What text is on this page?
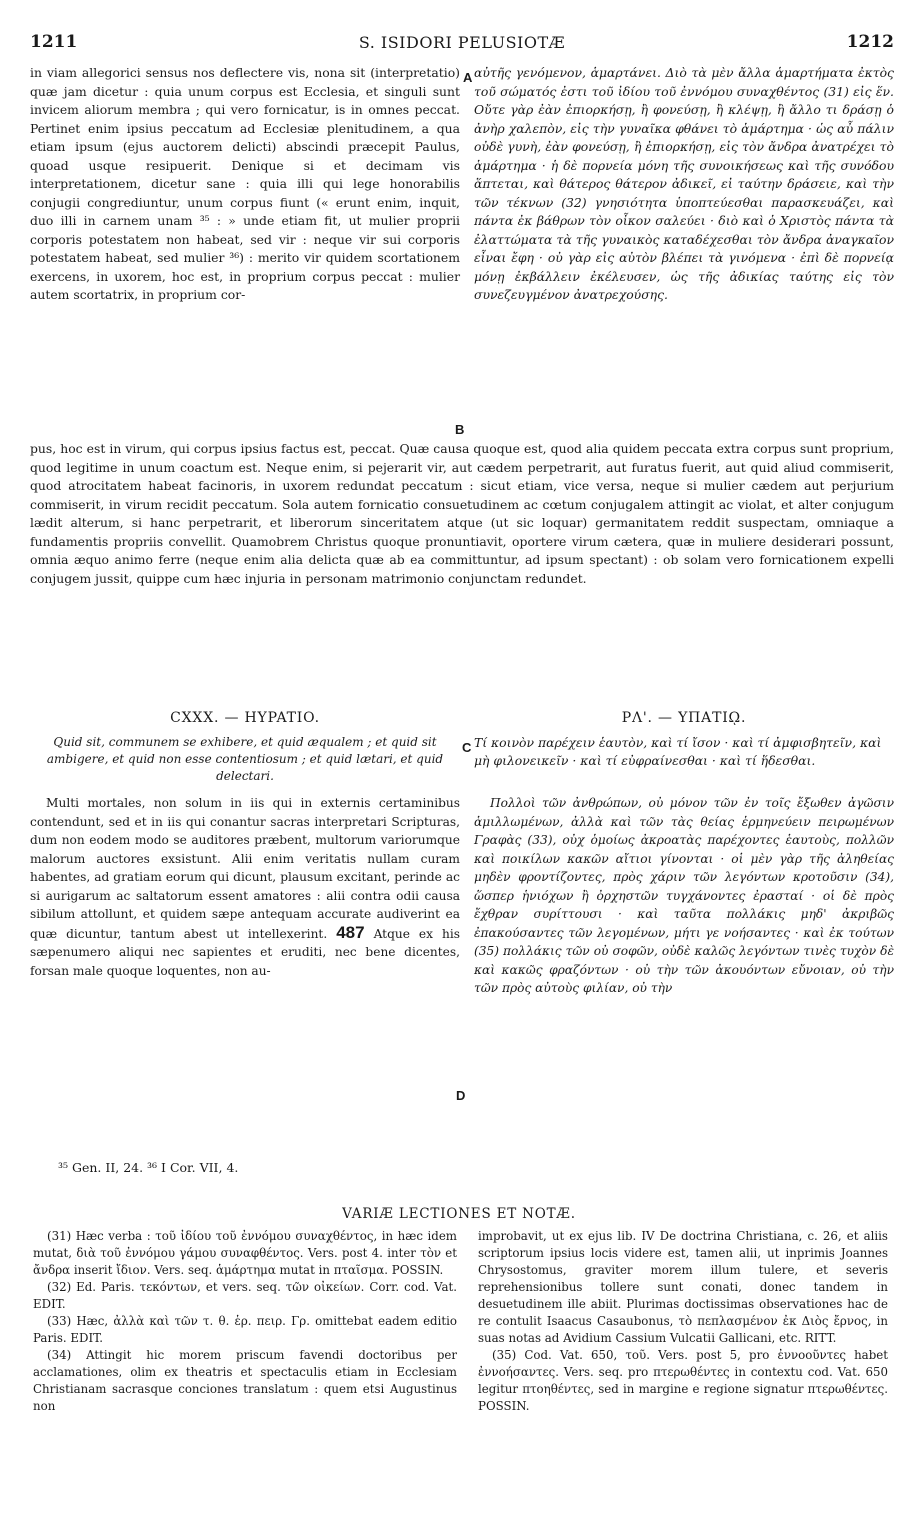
1211	S. ISIDORI PELUSIOTÆ	1212

in viam allegorici sensus nos deflectere vis, nona sit (interpretatio) quæ jam dicetur : quia unum corpus est Ecclesia, et singuli sunt invicem aliorum membra ; qui vero fornicatur, is in omnes peccat. Pertinet enim ipsius peccatum ad Ecclesiæ plenitudinem, a qua etiam ipsum (ejus auctorem delicti) abscindi præcepit Paulus, quoad usque resipuerit. Denique si et decimam vis interpretationem, dicetur sane : quia illi qui lege honorabilis conjugii congrediuntur, unum corpus fiunt (« erunt enim, inquit, duo illi in carnem unam ³⁵ : » unde etiam fit, ut mulier proprii corporis potestatem non habeat, sed vir : neque vir sui corporis potestatem habeat, sed mulier ³⁶) : merito vir quidem scortationem exercens, in uxorem, hoc est, in proprium corpus peccat : mulier autem scortatrix, in proprium cor-

A αὐτῆς γενόμενον, ἁμαρτάνει. Διὸ τὰ μὲν ἄλλα ἁμαρτήματα ἐκτὸς τοῦ σώματός ἐστι τοῦ ἰδίου τοῦ ἐννόμου συναχθέντος (31) εἰς ἕν. Οὔτε γὰρ ἐὰν ἐπιορκήσῃ, ἢ φονεύσῃ, ἢ κλέψῃ, ἢ ἄλλο τι δράσῃ ὁ ἀνὴρ χαλεπὸν, εἰς τὴν γυναῖκα φθάνει τὸ ἁμάρτημα · ὡς αὖ πάλιν οὐδὲ γυνὴ, ἐὰν φονεύσῃ, ἢ ἐπιορκήσῃ, εἰς τὸν ἄνδρα ἀνατρέχει τὸ ἁμάρτημα · ἡ δὲ πορνεία μόνη τῆς συνοικήσεως καὶ τῆς συνόδου ἅπτεται, καὶ θάτερος θάτερον ἀδικεῖ, εἰ ταύτην δράσειε, καὶ τὴν τῶν τέκνων (32) γνησιότητα ὑποπτεύεσθαι παρασκευάζει, καὶ πάντα ἐκ βάθρων τὸν οἶκον σαλεύει · διὸ καὶ ὁ Χριστὸς πάντα τὰ ἐλαττώματα τὰ τῆς γυναικὸς καταδέχεσθαι τὸν ἄνδρα ἀναγκαῖον εἶναι ἔφη · οὐ γὰρ εἰς αὐτὸν βλέπει τὰ γινόμενα · ἐπὶ δὲ πορνείᾳ μόνῃ ἐκβάλλειν ἐκέλευσεν, ὡς τῆς ἀδικίας ταύτης εἰς τὸν συνεζευγμένον ἀνατρεχούσης.

B

pus, hoc est in virum, qui corpus ipsius factus est, peccat. Quæ causa quoque est, quod alia quidem peccata extra corpus sunt proprium, quod legitime in unum coactum est. Neque enim, si pejerarit vir, aut cædem perpetrarit, aut furatus fuerit, aut quid aliud commiserit, quod atrocitatem habeat facinoris, in uxorem redundat peccatum : sicut etiam, vice versa, neque si mulier cædem aut perjurium commiserit, in virum recidit peccatum. Sola autem fornicatio consuetudinem ac cœtum conjugalem attingit ac violat, et alter conjugum lædit alterum, si hanc perpetrarit, et liberorum sinceritatem atque (ut sic loquar) germanitatem reddit suspectam, omniaque a fundamentis propriis convellit. Quamobrem Christus quoque pronuntiavit, oportere virum cætera, quæ in muliere desiderari possunt, omnia æquo animo ferre (neque enim alia delicta quæ ab ea committuntur, ad ipsum spectant) : ob solam vero fornicationem expelli conjugem jussit, quippe cum hæc injuria in personam matrimonio conjunctam redundet.

CXXX. — HYPATIO.	ΡΛ'. — ΥΠΑΤΙῼ.

Quid sit, communem se exhibere, et quid æqualem ; et quid sit ambigere, et quid non esse contentiosum ; et quid lætari, et quid delectari.

C Τί κοινὸν παρέχειν ἑαυτὸν, καὶ τί ἴσον · καὶ τί ἀμφισβητεῖν, καὶ μὴ φιλονεικεῖν · καὶ τί εὐφραίνεσθαι · καὶ τί ἥδεσθαι.

Multi mortales, non solum in iis qui in externis certaminibus contendunt, sed et in iis qui conantur sacras interpretari Scripturas, dum non eodem modo se auditores præbent, multorum variorumque malorum auctores exsistunt. Alii enim veritatis nullam curam habentes, ad gratiam eorum qui dicunt, plausum excitant, perinde ac si aurigarum ac saltatorum essent amatores : alii contra odii causa sibilum attollunt, et quidem sæpe antequam accurate audiverint ea quæ dicuntur, tantum abest ut intellexerint. 487 Atque ex his sæpenumero aliqui nec sapientes et eruditi, nec bene dicentes, forsan male quoque loquentes, non au-

D

Πολλοὶ τῶν ἀνθρώπων, οὐ μόνον τῶν ἐν τοῖς ἔξωθεν ἀγῶσιν ἁμιλλωμένων, ἀλλὰ καὶ τῶν τὰς θείας ἑρμηνεύειν πειρωμένων Γραφὰς (33), οὐχ ὁμοίως ἀκροατὰς παρέχοντες ἑαυτοὺς, πολλῶν καὶ ποικίλων κακῶν αἴτιοι γίνονται · οἱ μὲν γὰρ τῆς ἀληθείας μηδὲν φροντίζοντες, πρὸς χάριν τῶν λεγόντων κροτοῦσιν (34), ὥσπερ ἡνιόχων ἢ ὀρχηστῶν τυγχάνοντες ἐρασταί · οἱ δὲ πρὸς ἔχθραν συρίττουσι · καὶ ταῦτα πολλάκις μηδ' ἀκριβῶς ἐπακούσαντες τῶν λεγομένων, μήτι γε νοήσαντες · καὶ ἐκ τούτων (35) πολλάκις τῶν οὐ σοφῶν, οὐδὲ καλῶς λεγόντων τινὲς τυχὸν δὲ καὶ κακῶς φραζόντων · οὐ τὴν τῶν ἀκουόντων εὔνοιαν, οὐ τὴν τῶν πρὸς αὐτοὺς φιλίαν, οὐ τὴν

³⁵ Gen. II, 24. ³⁶ I Cor. VII, 4.
VARIÆ LECTIONES ET NOTÆ.

(31) Hæc verba : τοῦ ἰδίου τοῦ ἐννόμου συναχθέντος, in hæc idem mutat, διὰ τοῦ ἐννόμου γάμου συναφθέντος. Vers. post 4. inter τὸν et ἄνδρα inserit ἴδιον. Vers. seq. ἁμάρτημα mutat in πταῖσμα. POSSIN.

(32) Ed. Paris. τεκόντων, et vers. seq. τῶν οἰκείων. Corr. cod. Vat. EDIT.

(33) Hæc, ἀλλὰ καὶ τῶν τ. θ. ἑρ. πειρ. Γρ. omittebat eadem editio Paris. EDIT.

(34) Attingit hic morem priscum favendi doctoribus per acclamationes, olim ex theatris et spectaculis etiam in Ecclesiam Christianam sacrasque conciones translatum : quem etsi Augustinus non

improbavit, ut ex ejus lib. IV De doctrina Christiana, c. 26, et aliis scriptorum ipsius locis videre est, tamen alii, ut inprimis Joannes Chrysostomus, graviter morem illum tulere, et severis reprehensionibus tollere sunt conati, donec tandem in desuetudinem ille abiit. Plurimas doctissimas observationes hac de re contulit Isaacus Casaubonus, τὸ πεπλασμένον ἐκ Διὸς ἔρνος, in suas notas ad Avidium Cassium Vulcatii Gallicani, etc. RITT.

(35) Cod. Vat. 650, τοῦ. Vers. post 5, pro ἐννοοῦντες habet ἐννοήσαντες. Vers. seq. pro πτερωθέντες in contextu cod. Vat. 650 legitur πτοηθέντες, sed in margine e regione signatur πτερωθέντες. POSSIN.
